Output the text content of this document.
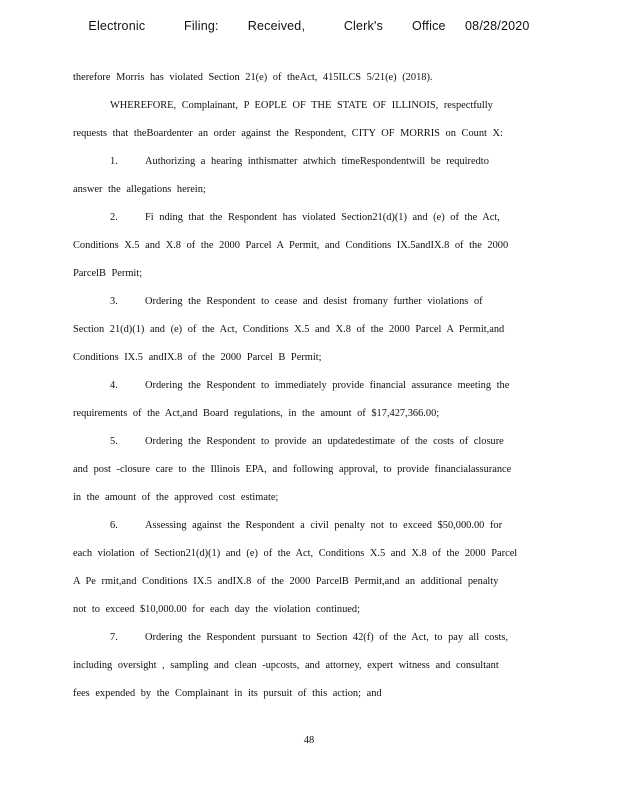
Electronic    Filing:   Received,    Clerk's   Office  08/28/2020
therefore Morris has violated Section 21(e) of theAct, 415ILCS 5/21(e) (2018).
WHEREFORE, Complainant, P EOPLE OF THE STATE OF ILLINOIS, respectfully
requests that theBoardenter an order against the Respondent, CITY OF MORRIS on Count X:
1.	Authorizing a hearing inthismatter atwhich timeRespondentwill be requiredto
answer the allegations herein;
2.	Fi nding that the Respondent has violated Section21(d)(1) and (e) of the Act,
Conditions X.5 and X.8 of the 2000 Parcel A Permit, and Conditions IX.5andIX.8 of the 2000
ParcelB Permit;
3.	Ordering the Respondent to cease and desist fromany further violations of
Section 21(d)(1) and (e) of the Act, Conditions X.5 and X.8 of the 2000 Parcel A Permit,and
Conditions IX.5 andIX.8 of the 2000 Parcel B Permit;
4.	Ordering the Respondent to immediately provide financial assurance meeting the
requirements of the Act,and Board regulations, in the amount of $17,427,366.00;
5.	Ordering the Respondent to provide an updatedestimate of the costs of closure
and post -closure care to the Illinois EPA, and following approval, to provide financialassurance
in the amount of the approved cost estimate;
6.	Assessing against the Respondent a civil penalty not to exceed $50,000.00 for
each violation of Section21(d)(1) and (e) of the Act, Conditions X.5 and X.8 of the 2000 Parcel
A Pe rmit,and Conditions IX.5 andIX.8 of the 2000 ParcelB Permit,and an additional penalty
not to exceed $10,000.00 for each day the violation continued;
7.	Ordering the Respondent pursuant to Section 42(f) of the Act, to pay all costs,
including oversight , sampling and clean -upcosts, and attorney, expert witness and consultant
fees expended by the Complainant in its pursuit of this action; and
48
